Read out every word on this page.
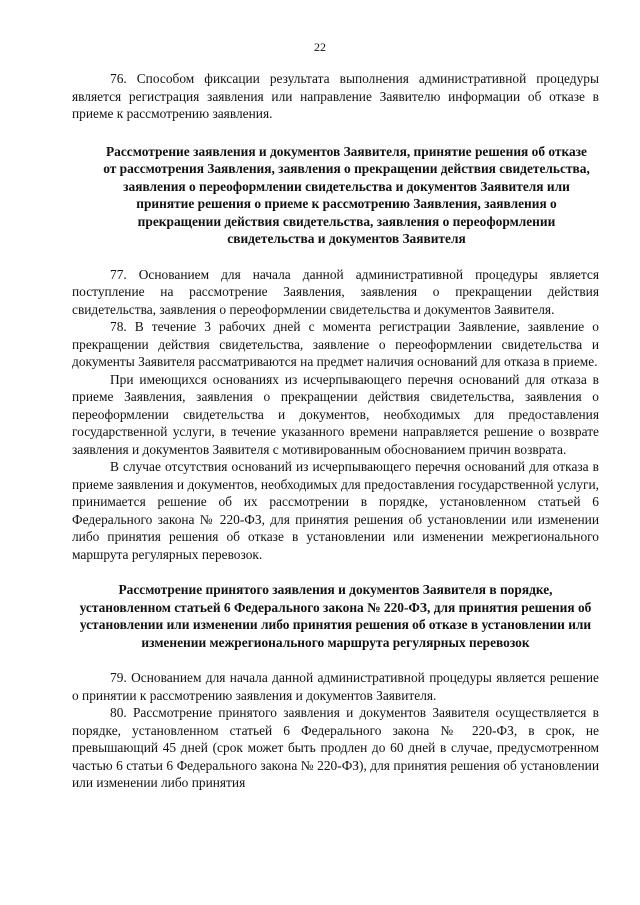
22

76. Способом фиксации результата выполнения административной процедуры является регистрация заявления или направление Заявителю информации об отказе в приеме к рассмотрению заявления.

Рассмотрение заявления и документов Заявителя, принятие решения об отказе от рассмотрения Заявления, заявления о прекращении действия свидетельства, заявления о переоформлении свидетельства и документов Заявителя или принятие решения о приеме к рассмотрению Заявления, заявления о прекращении действия свидетельства, заявления о переоформлении свидетельства и документов Заявителя

77. Основанием для начала данной административной процедуры является поступление на рассмотрение Заявления, заявления о прекращении действия свидетельства, заявления о переоформлении свидетельства и документов Заявителя.

78. В течение 3 рабочих дней с момента регистрации Заявление, заявление о прекращении действия свидетельства, заявление о переоформлении свидетельства и документы Заявителя рассматриваются на предмет наличия оснований для отказа в приеме.

При имеющихся основаниях из исчерпывающего перечня оснований для отказа в приеме Заявления, заявления о прекращении действия свидетельства, заявления о переоформлении свидетельства и документов, необходимых для предоставления государственной услуги, в течение указанного времени направляется решение о возврате заявления и документов Заявителя с мотивированным обоснованием причин возврата.

В случае отсутствия оснований из исчерпывающего перечня оснований для отказа в приеме заявления и документов, необходимых для предоставления государственной услуги, принимается решение об их рассмотрении в порядке, установленном статьей 6 Федерального закона № 220-ФЗ, для принятия решения об установлении или изменении либо принятия решения об отказе в установлении или изменении межрегионального маршрута регулярных перевозок.

Рассмотрение принятого заявления и документов Заявителя в порядке, установленном статьей 6 Федерального закона № 220-ФЗ, для принятия решения об установлении или изменении либо принятия решения об отказе в установлении или изменении межрегионального маршрута регулярных перевозок

79. Основанием для начала данной административной процедуры является решение о принятии к рассмотрению заявления и документов Заявителя.

80. Рассмотрение принятого заявления и документов Заявителя осуществляется в порядке, установленном статьей 6 Федерального закона № 220-ФЗ, в срок, не превышающий 45 дней (срок может быть продлен до 60 дней в случае, предусмотренном частью 6 статьи 6 Федерального закона № 220-ФЗ), для принятия решения об установлении или изменении либо принятия
